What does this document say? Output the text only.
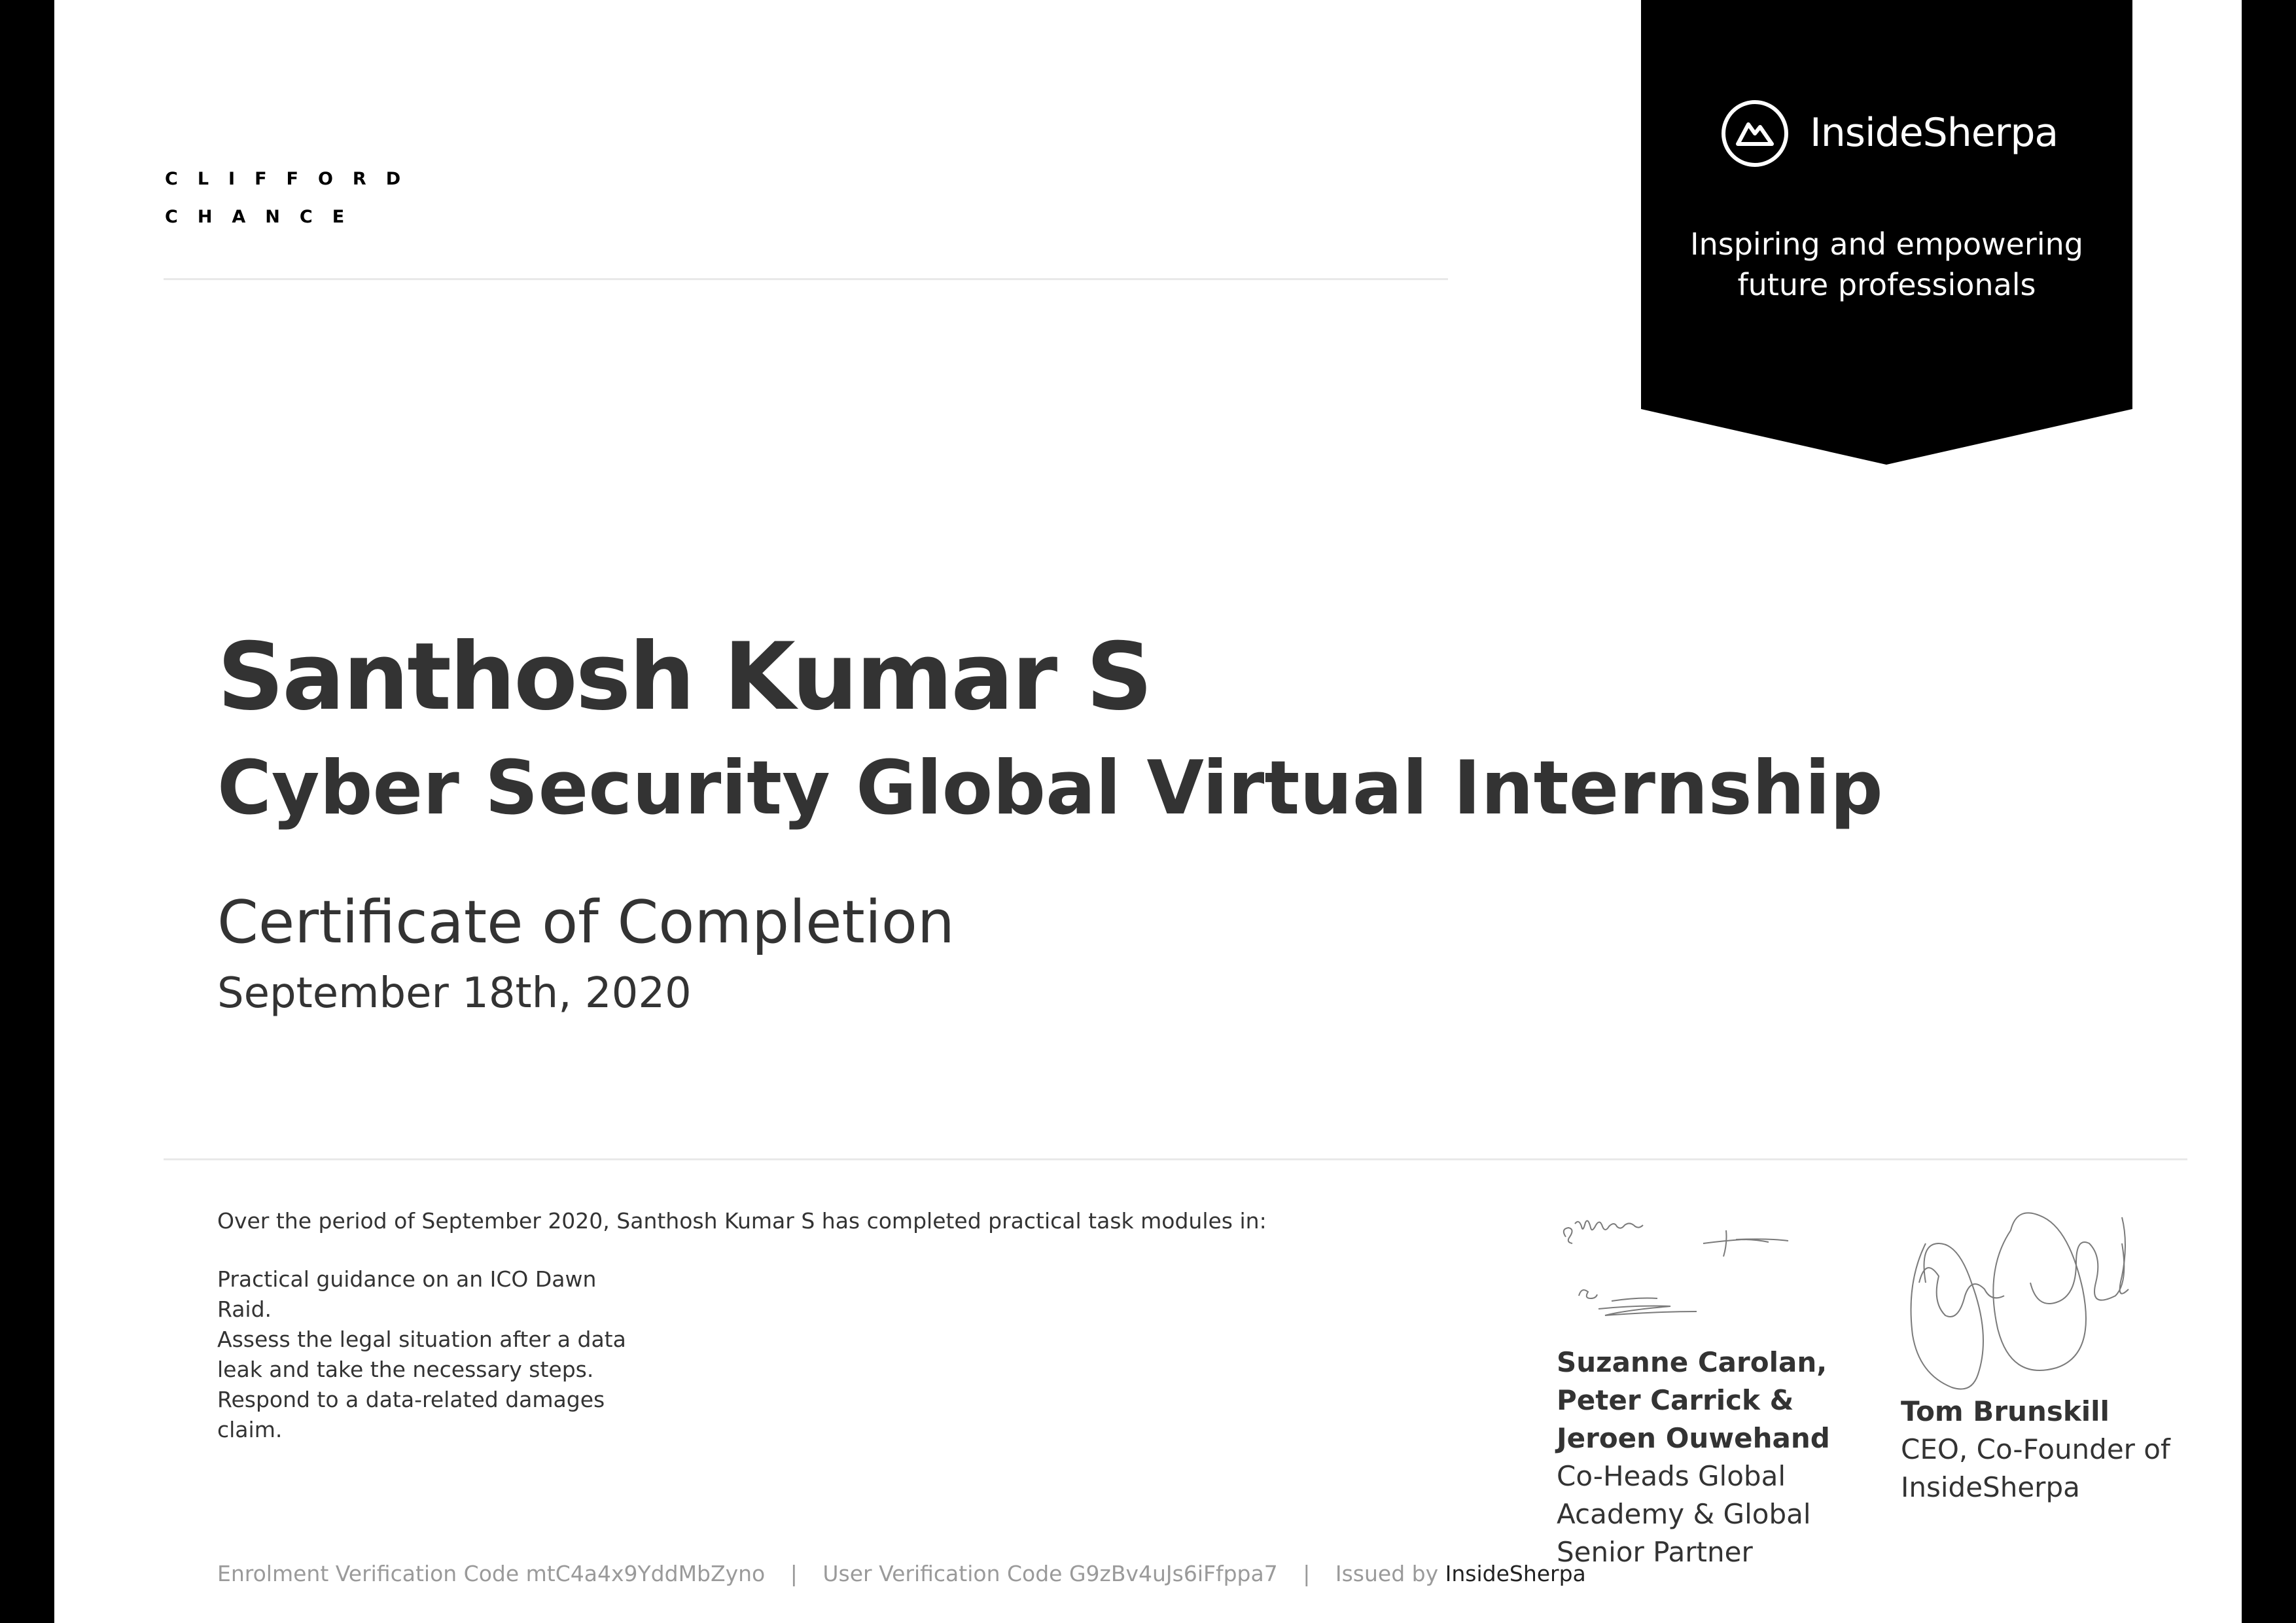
CLIFFORD
CHANCE
Santhosh Kumar S
Cyber Security Global Virtual Internship
Certificate of Completion
September 18th, 2020
Over the period of September 2020, Santhosh Kumar S has completed practical task modules in:
Practical guidance on an ICO Dawn Raid.
Assess the legal situation after a data leak and take the necessary steps.
Respond to a data-related damages claim.
Suzanne Carolan, Peter Carrick & Jeroen Ouwehand
Co-Heads Global Academy & Global Senior Partner
Tom Brunskill
CEO, Co-Founder of InsideSherpa
Enrolment Verification Code mtC4a4x9YddMbZyno | User Verification Code G9zBv4uJs6iFfppa7 | Issued by InsideSherpa
InsideSherpa
Inspiring and empowering
future professionals
